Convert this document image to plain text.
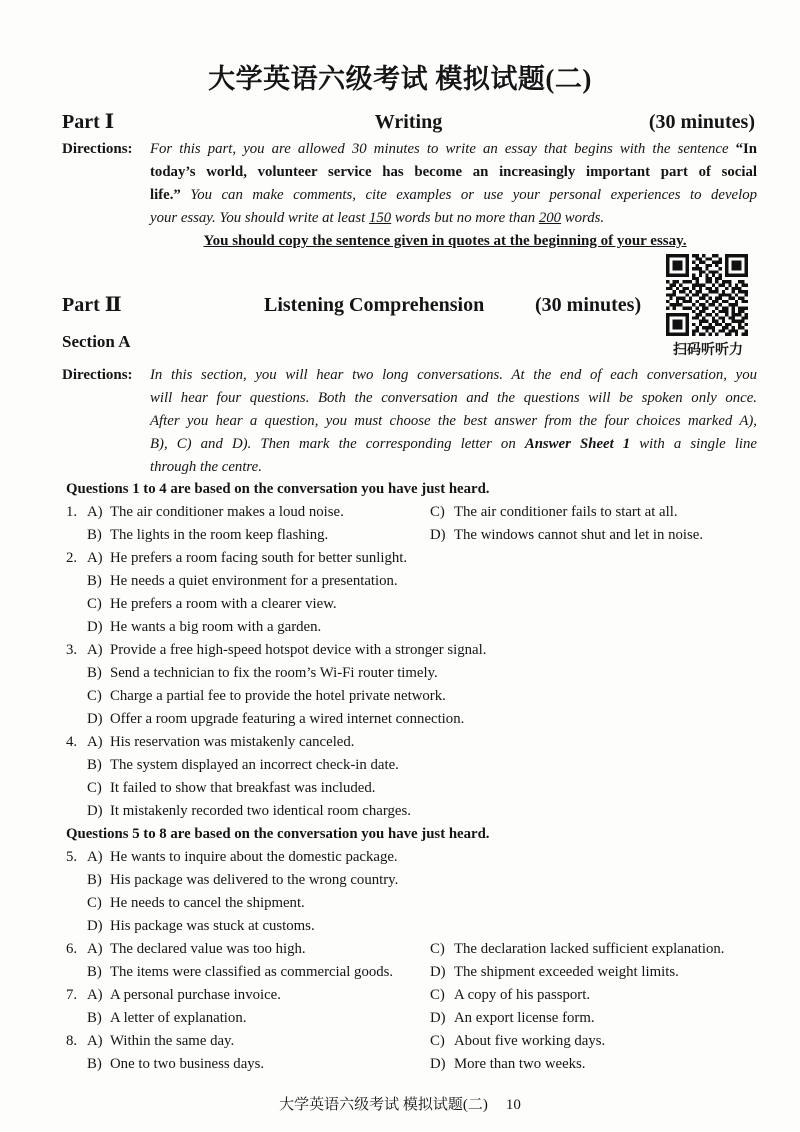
大学英语六级考试 模拟试题(二)
Part Ⅰ	Writing	(30 minutes)
Directions: For this part, you are allowed 30 minutes to write an essay that begins with the sentence “In
today’s world, volunteer service has become an increasingly important part of social
life.” You can make comments, cite examples or use your personal experiences to develop
your essay. You should write at least 150 words but no more than 200 words.
You should copy the sentence given in quotes at the beginning of your essay.
扫码听听力
Part Ⅱ	Listening Comprehension	(30 minutes)
Section A
Directions: In this section, you will hear two long conversations. At the end of each conversation, you
will hear four questions. Both the conversation and the questions will be spoken only once.
After you hear a question, you must choose the best answer from the four choices marked A),
B), C) and D). Then mark the corresponding letter on Answer Sheet 1 with a single line
through the centre.
Questions 1 to 4 are based on the conversation you have just heard.
1. A) The air conditioner makes a loud noise.	C) The air conditioner fails to start at all.
B) The lights in the room keep flashing.	D) The windows cannot shut and let in noise.
2. A) He prefers a room facing south for better sunlight.
B) He needs a quiet environment for a presentation.
C) He prefers a room with a clearer view.
D) He wants a big room with a garden.
3. A) Provide a free high-speed hotspot device with a stronger signal.
B) Send a technician to fix the room’s Wi-Fi router timely.
C) Charge a partial fee to provide the hotel private network.
D) Offer a room upgrade featuring a wired internet connection.
4. A) His reservation was mistakenly canceled.
B) The system displayed an incorrect check-in date.
C) It failed to show that breakfast was included.
D) It mistakenly recorded two identical room charges.
Questions 5 to 8 are based on the conversation you have just heard.
5. A) He wants to inquire about the domestic package.
B) His package was delivered to the wrong country.
C) He needs to cancel the shipment.
D) His package was stuck at customs.
6. A) The declared value was too high.	C) The declaration lacked sufficient explanation.
B) The items were classified as commercial goods.	D) The shipment exceeded weight limits.
7. A) A personal purchase invoice.	C) A copy of his passport.
B) A letter of explanation.	D) An export license form.
8. A) Within the same day.	C) About five working days.
B) One to two business days.	D) More than two weeks.
大学英语六级考试 模拟试题(二) 10
